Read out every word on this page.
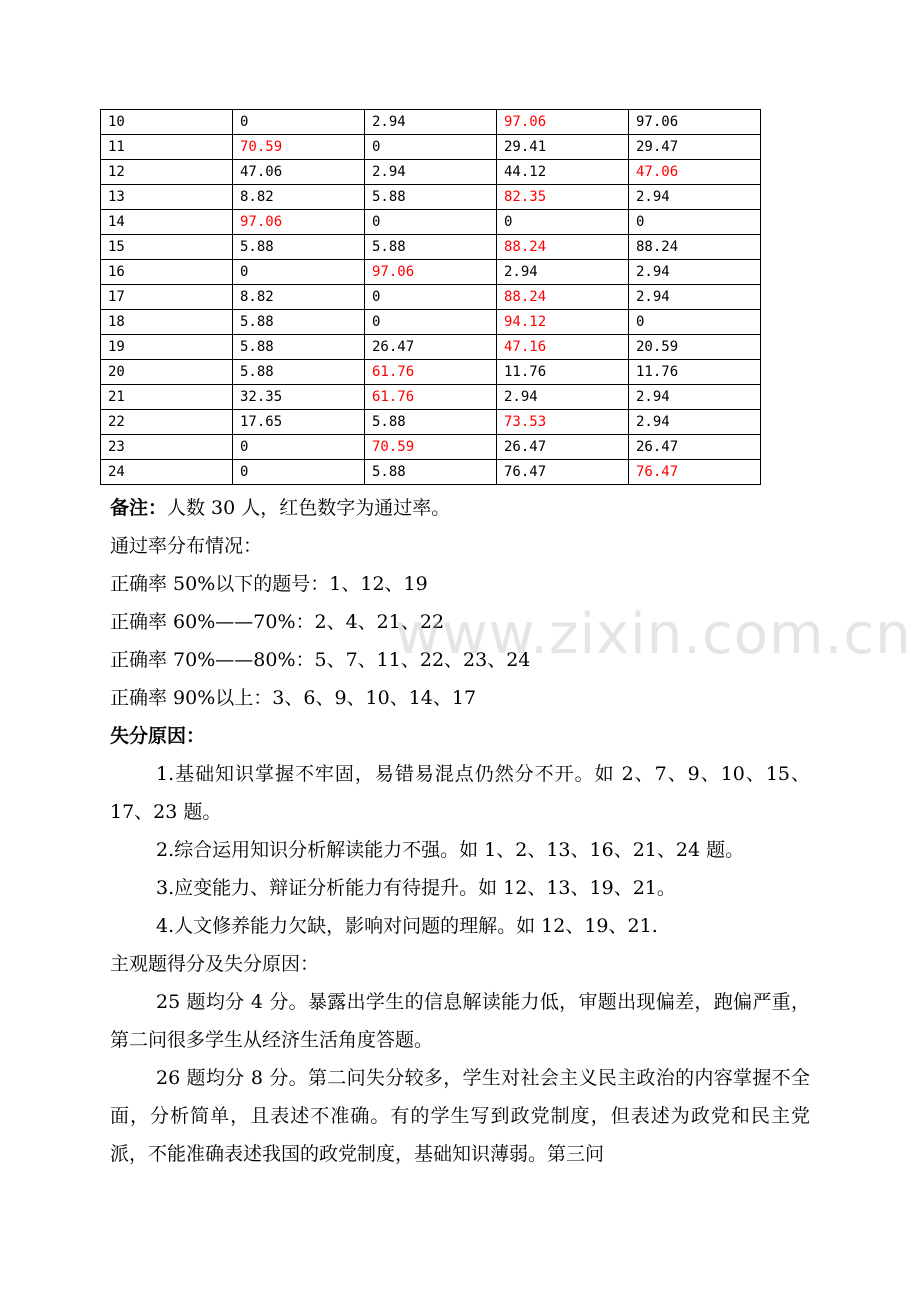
10	0	2.94	97.06	97.06
11	70.59	0	29.41	29.47
12	47.06	2.94	44.12	47.06
13	8.82	5.88	82.35	2.94
14	97.06	0	0	0
15	5.88	5.88	88.24	88.24
16	0	97.06	2.94	2.94
17	8.82	0	88.24	2.94
18	5.88	0	94.12	0
19	5.88	26.47	47.16	20.59
20	5.88	61.76	11.76	11.76
21	32.35	61.76	2.94	2.94
22	17.65	5.88	73.53	2.94
23	0	70.59	26.47	26.47
24	0	5.88	76.47	76.47
备注：人数 30 人，红色数字为通过率。
通过率分布情况：
正确率 50%以下的题号：1、12、19
正确率 60%——70%：2、4、21、22
正确率 70%——80%：5、7、11、22、23、24
正确率 90%以上：3、6、9、10、14、17
失分原因：
1.基础知识掌握不牢固，易错易混点仍然分不开。如 2、7、9、10、15、17、23 题。
2.综合运用知识分析解读能力不强。如 1、2、13、16、21、24 题。
3.应变能力、辩证分析能力有待提升。如 12、13、19、21。
4.人文修养能力欠缺，影响对问题的理解。如 12、19、21.
主观题得分及失分原因：
25 题均分 4 分。暴露出学生的信息解读能力低，审题出现偏差，跑偏严重，第二问很多学生从经济生活角度答题。
26 题均分 8 分。第二问失分较多，学生对社会主义民主政治的内容掌握不全面，分析简单，且表述不准确。有的学生写到政党制度，但表述为政党和民主党派，不能准确表述我国的政党制度，基础知识薄弱。第三问
www.zixin.com.cn
